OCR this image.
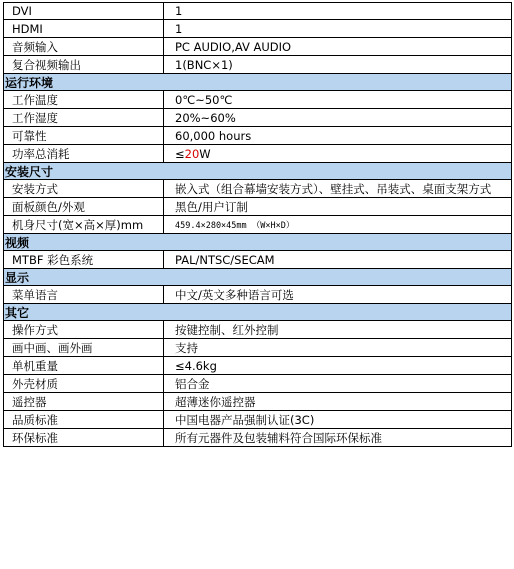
DVI	1
HDMI	1
音频输入	PC AUDIO,AV AUDIO
复合视频输出	1(BNC×1)
运行环境
工作温度	0℃~50℃
工作湿度	20%~60%
可靠性	60,000 hours
功率总消耗	≤ 20 W
安装尺寸
安装方式	嵌入式（组合幕墙安装方式）、壁挂式、吊装式、桌面支架方式
面板颜色/外观	黑色/用户订制
机身尺寸(宽×高×厚)mm	459.4×280×45mm （W×H×D）
视频
MTBF 彩色系统	PAL/NTSC/SECAM
显示
菜单语言	中文/英文多种语言可选
其它
操作方式	按键控制、红外控制
画中画、画外画	支持
单机重量	≤4.6kg
外壳材质	铝合金
遥控器	超薄迷你遥控器
品质标准	中国电器产品强制认证(3C)
环保标准	所有元器件及包装辅料符合国际环保标准
